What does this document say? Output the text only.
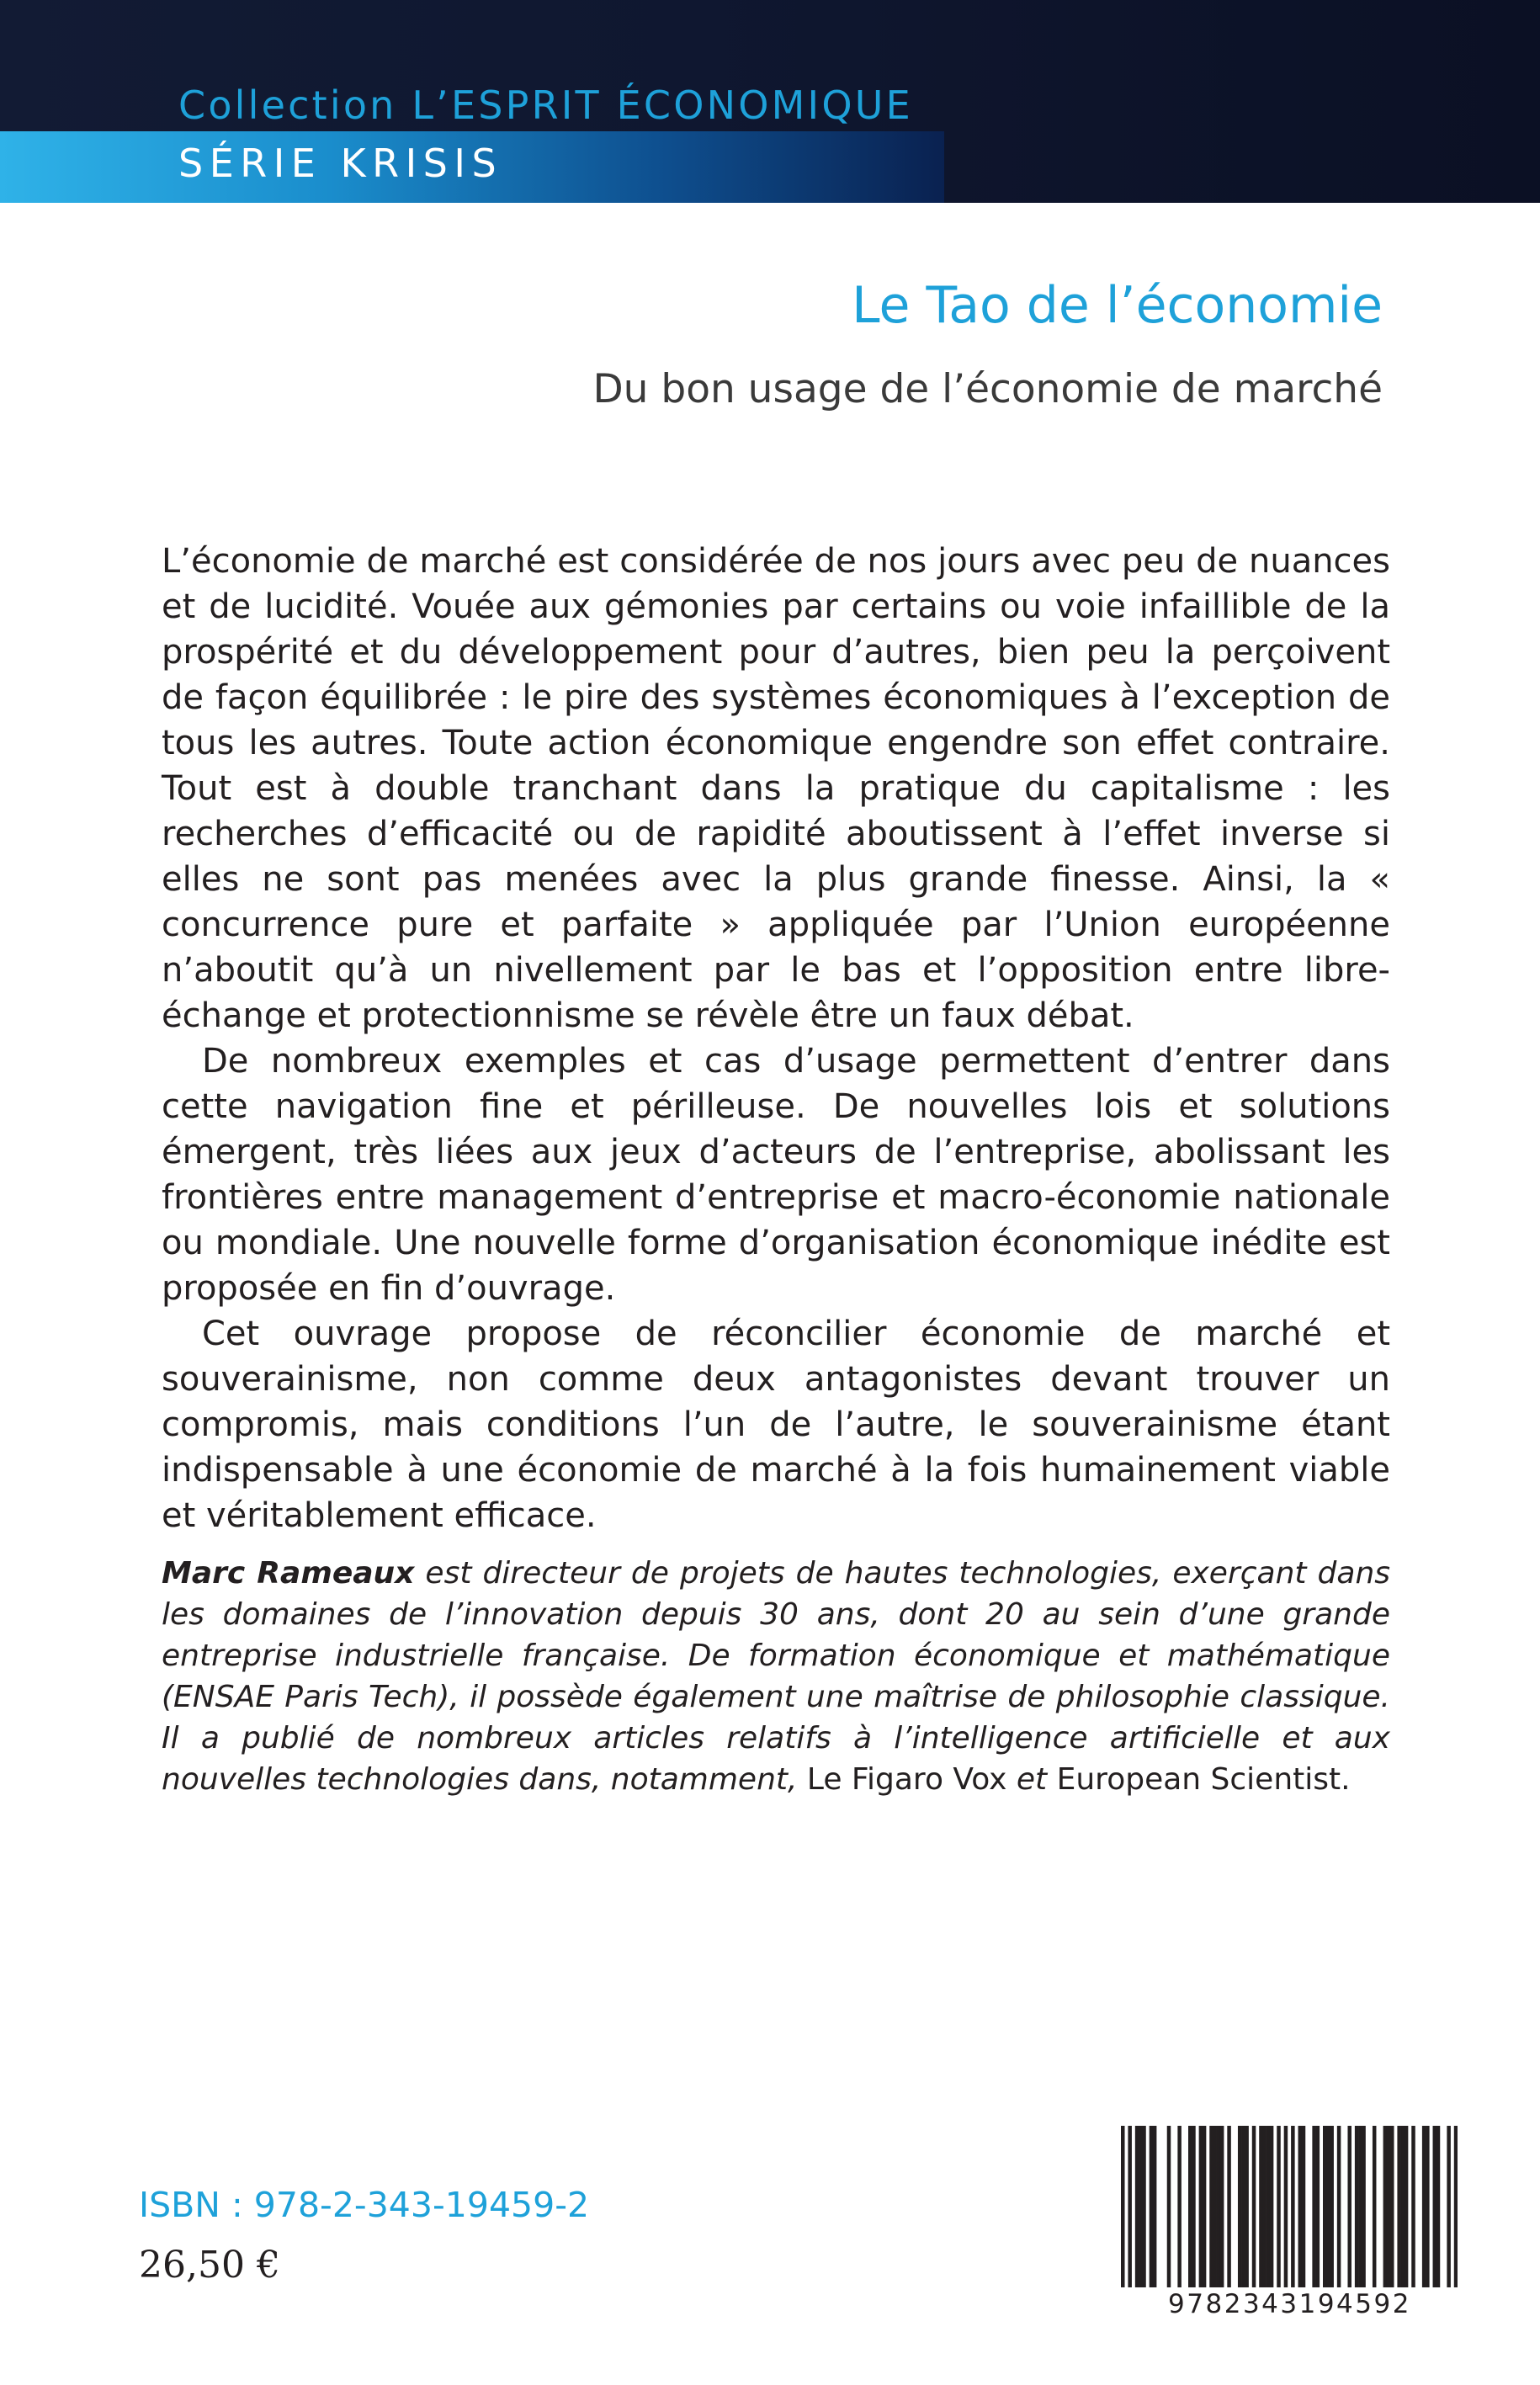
Collection L’ESPRIT ÉCONOMIQUE
SÉRIE KRISIS
Le Tao de l’économie
Du bon usage de l’économie de marché

L’économie de marché est considérée de nos jours avec peu de nuances et de lucidité. Vouée aux gémonies par certains ou voie infaillible de la prospérité et du développement pour d’autres, bien peu la perçoivent de façon équilibrée : le pire des systèmes économiques à l’exception de tous les autres. Toute action économique engendre son effet contraire. Tout est à double tranchant dans la pratique du capitalisme : les recherches d’efficacité ou de rapidité aboutissent à l’effet inverse si elles ne sont pas menées avec la plus grande finesse. Ainsi, la « concurrence pure et parfaite » appliquée par l’Union européenne n’aboutit qu’à un nivellement par le bas et l’opposition entre libre-échange et protectionnisme se révèle être un faux débat.

De nombreux exemples et cas d’usage permettent d’entrer dans cette navigation fine et périlleuse. De nouvelles lois et solutions émergent, très liées aux jeux d’acteurs de l’entreprise, abolissant les frontières entre management d’entreprise et macro-économie nationale ou mondiale. Une nouvelle forme d’organisation économique inédite est proposée en fin d’ouvrage.

Cet ouvrage propose de réconcilier économie de marché et souverainisme, non comme deux antagonistes devant trouver un compromis, mais conditions l’un de l’autre, le souverainisme étant indispensable à une économie de marché à la fois humainement viable et véritablement efficace.

Marc Rameaux est directeur de projets de hautes technologies, exerçant dans les domaines de l’innovation depuis 30 ans, dont 20 au sein d’une grande entreprise industrielle française. De formation économique et mathématique (ENSAE Paris Tech), il possède également une maîtrise de philosophie classique. Il a publié de nombreux articles relatifs à l’intelligence artificielle et aux nouvelles technologies dans, notamment, Le Figaro Vox et European Scientist.
ISBN : 978-2-343-19459-2
26,50 €
9782343194592
